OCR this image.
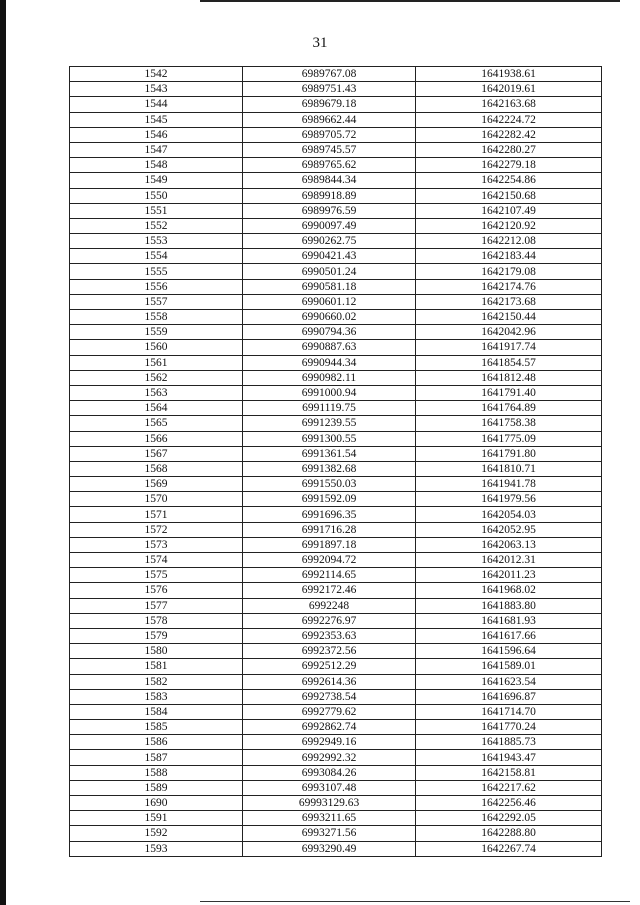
31
1542	6989767.08	1641938.61
1543	6989751.43	1642019.61
1544	6989679.18	1642163.68
1545	6989662.44	1642224.72
1546	6989705.72	1642282.42
1547	6989745.57	1642280.27
1548	6989765.62	1642279.18
1549	6989844.34	1642254.86
1550	6989918.89	1642150.68
1551	6989976.59	1642107.49
1552	6990097.49	1642120.92
1553	6990262.75	1642212.08
1554	6990421.43	1642183.44
1555	6990501.24	1642179.08
1556	6990581.18	1642174.76
1557	6990601.12	1642173.68
1558	6990660.02	1642150.44
1559	6990794.36	1642042.96
1560	6990887.63	1641917.74
1561	6990944.34	1641854.57
1562	6990982.11	1641812.48
1563	6991000.94	1641791.40
1564	6991119.75	1641764.89
1565	6991239.55	1641758.38
1566	6991300.55	1641775.09
1567	6991361.54	1641791.80
1568	6991382.68	1641810.71
1569	6991550.03	1641941.78
1570	6991592.09	1641979.56
1571	6991696.35	1642054.03
1572	6991716.28	1642052.95
1573	6991897.18	1642063.13
1574	6992094.72	1642012.31
1575	6992114.65	1642011.23
1576	6992172.46	1641968.02
1577	6992248	1641883.80
1578	6992276.97	1641681.93
1579	6992353.63	1641617.66
1580	6992372.56	1641596.64
1581	6992512.29	1641589.01
1582	6992614.36	1641623.54
1583	6992738.54	1641696.87
1584	6992779.62	1641714.70
1585	6992862.74	1641770.24
1586	6992949.16	1641885.73
1587	6992992.32	1641943.47
1588	6993084.26	1642158.81
1589	6993107.48	1642217.62
1690	69993129.63	1642256.46
1591	6993211.65	1642292.05
1592	6993271.56	1642288.80
1593	6993290.49	1642267.74
